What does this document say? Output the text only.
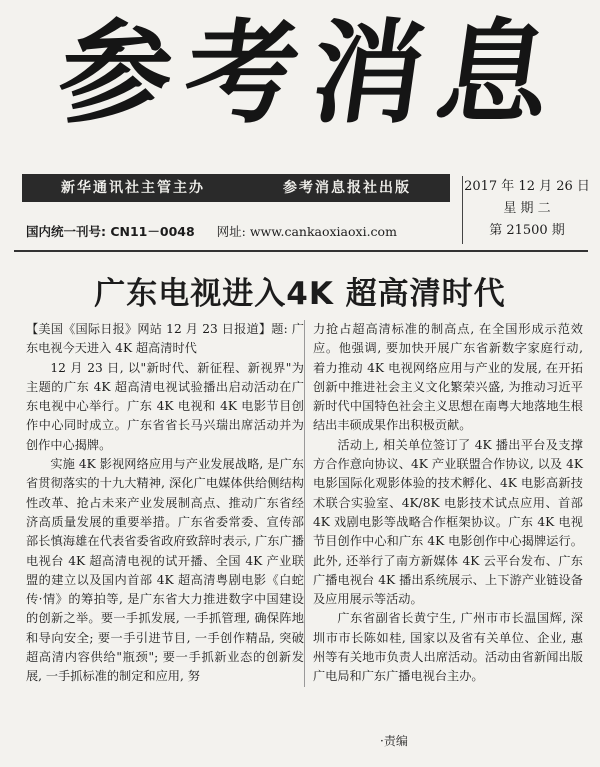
参考消息
新华通讯社主管主办	参考消息报社出版	2017 年 12 月 26 日
星 期 二
第 21500 期
国内统一刊号: CN11－0048 网址: www.cankaoxiaoxi.com
广东电视进入4K 超高清时代

【美国《国际日报》网站 12 月 23 日报道】题: 广东电视今天进入 4K 超高清时代

12 月 23 日, 以"新时代、新征程、新视界"为主题的广东 4K 超高清电视试验播出启动活动在广东电视中心举行。广东 4K 电视和 4K 电影节目创作中心同时成立。广东省省长马兴瑞出席活动并为创作中心揭牌。

实施 4K 影视网络应用与产业发展战略, 是广东省贯彻落实的十九大精神, 深化广电媒体供给侧结构性改革、抢占未来产业发展制高点、推动广东省经济高质量发展的重要举措。广东省委常委、宣传部部长慎海雄在代表省委省政府致辞时表示, 广东广播电视台 4K 超高清电视的试开播、全国 4K 产业联盟的建立以及国内首部 4K 超高清粤剧电影《白蛇传·情》的筹拍等, 是广东省大力推进数字中国建设的创新之举。要一手抓发展, 一手抓管理, 确保阵地和导向安全; 要一手引进节目, 一手创作精品, 突破超高清内容供给"瓶颈"; 要一手抓新业态的创新发展, 一手抓标准的制定和应用, 努

力抢占超高清标准的制高点, 在全国形成示范效应。他强调, 要加快开展广东省新数字家庭行动, 着力推动 4K 电视网络应用与产业的发展, 在开拓创新中推进社会主义文化繁荣兴盛, 为推动习近平新时代中国特色社会主义思想在南粤大地落地生根结出丰硕成果作出积极贡献。

活动上, 相关单位签订了 4K 播出平台及支撑方合作意向协议、4K 产业联盟合作协议, 以及 4K 电影国际化观影体验的技术孵化、4K 电影高新技术联合实验室、4K/8K 电影技术试点应用、首部 4K 戏剧电影等战略合作框架协议。广东 4K 电视节目创作中心和广东 4K 电影创作中心揭牌运行。此外, 还举行了南方新媒体 4K 云平台发布、广东广播电视台 4K 播出系统展示、上下游产业链设备及应用展示等活动。

广东省副省长黄宁生, 广州市市长温国辉, 深圳市市长陈如桂, 国家以及省有关单位、企业, 惠州等有关地市负责人出席活动。活动由省新闻出版广电局和广东广播电视台主办。

·责编
